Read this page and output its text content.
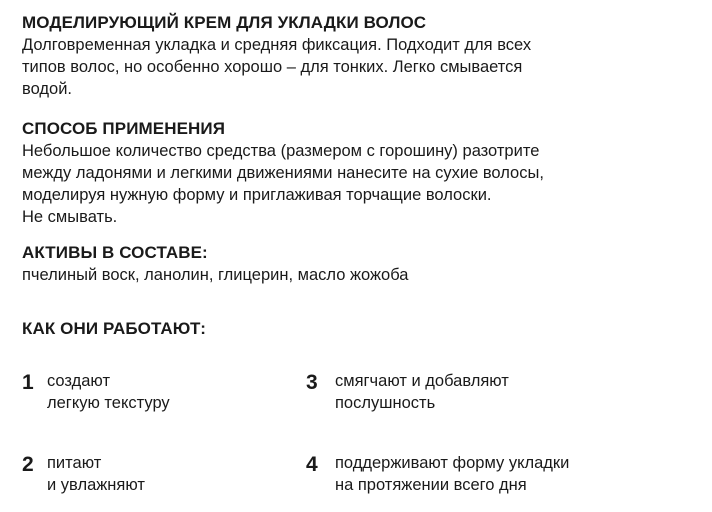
МОДЕЛИРУЮЩИЙ КРЕМ ДЛЯ УКЛАДКИ ВОЛОС

Долговременная укладка и средняя фиксация. Подходит для всех
типов волос, но особенно хорошо – для тонких. Легко смывается
водой.

СПОСОБ ПРИМЕНЕНИЯ

Небольшое количество средства (размером с горошину) разотрите
между ладонями и легкими движениями нанесите на сухие волосы,
моделируя нужную форму и приглаживая торчащие волоски.
Не смывать.

АКТИВЫ В СОСТАВЕ:

пчелиный воск, ланолин, глицерин, масло жожоба

КАК ОНИ РАБОТАЮТ:
1 создают
легкую текстуру
3	смягчают и добавляют
послушность
2 питают
и увлажняют
4	поддерживают форму укладки
на протяжении всего дня
